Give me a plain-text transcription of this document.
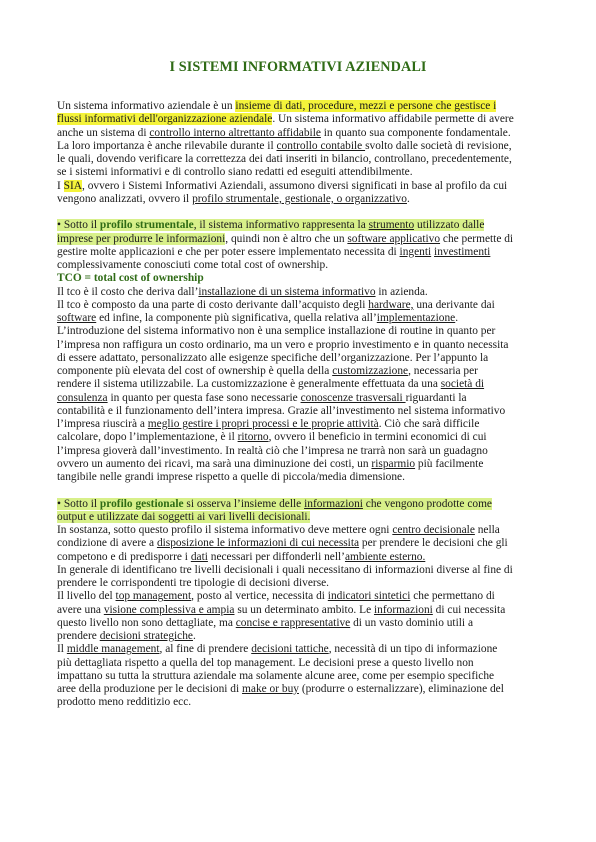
I SISTEMI INFORMATIVI AZIENDALI
Un sistema informativo aziendale è un insieme di dati, procedure, mezzi e persone che gestisce i
flussi informativi dell'organizzazione aziendale. Un sistema informativo affidabile permette di avere
anche un sistema di controllo interno altrettanto affidabile in quanto sua componente fondamentale.
La loro importanza è anche rilevabile durante il controllo contabile svolto dalle società di revisione,
le quali, dovendo verificare la correttezza dei dati inseriti in bilancio, controllano, precedentemente,
se i sistemi informativi e di controllo siano redatti ed eseguiti attendibilmente.
I SIA, ovvero i Sistemi Informativi Aziendali, assumono diversi significati in base al profilo da cui
vengono analizzati, ovvero il profilo strumentale, gestionale, o organizzativo.
• Sotto il profilo strumentale, il sistema informativo rappresenta la strumento utilizzato dalle
imprese per produrre le informazioni, quindi non è altro che un software applicativo che permette di
gestire molte applicazioni e che per poter essere implementato necessita di ingenti investimenti
complessivamente conosciuti come total cost of ownership.
TCO = total cost of ownership
Il tco è il costo che deriva dall’installazione di un sistema informativo in azienda.
Il tco è composto da una parte di costo derivante dall’acquisto degli hardware, una derivante dai
software ed infine, la componente più significativa, quella relativa all’implementazione.
L’introduzione del sistema informativo non è una semplice installazione di routine in quanto per
l’impresa non raffigura un costo ordinario, ma un vero e proprio investimento e in quanto necessita
di essere adattato, personalizzato alle esigenze specifiche dell’organizzazione. Per l’appunto la
componente più elevata del cost of ownership è quella della customizzazione, necessaria per
rendere il sistema utilizzabile. La customizzazione è generalmente effettuata da una società di
consulenza in quanto per questa fase sono necessarie conoscenze trasversali riguardanti la
contabilità e il funzionamento dell’intera impresa. Grazie all’investimento nel sistema informativo
l’impresa riuscirà a meglio gestire i propri processi e le proprie attività. Ciò che sarà difficile
calcolare, dopo l’implementazione, è il ritorno, ovvero il beneficio in termini economici di cui
l’impresa gioverà dall’investimento. In realtà ciò che l’impresa ne trarrà non sarà un guadagno
ovvero un aumento dei ricavi, ma sarà una diminuzione dei costi, un risparmio più facilmente
tangibile nelle grandi imprese rispetto a quelle di piccola/media dimensione.
• Sotto il profilo gestionale si osserva l’insieme delle informazioni che vengono prodotte come
output e utilizzate dai soggetti ai vari livelli decisionali.
In sostanza, sotto questo profilo il sistema informativo deve mettere ogni centro decisionale nella
condizione di avere a disposizione le informazioni di cui necessita per prendere le decisioni che gli
competono e di predisporre i dati necessari per diffonderli nell’ambiente esterno.
In generale di identificano tre livelli decisionali i quali necessitano di informazioni diverse al fine di
prendere le corrispondenti tre tipologie di decisioni diverse.
Il livello del top management, posto al vertice, necessita di indicatori sintetici che permettano di
avere una visione complessiva e ampia su un determinato ambito. Le informazioni di cui necessita
questo livello non sono dettagliate, ma concise e rappresentative di un vasto dominio utili a
prendere decisioni strategiche.
Il middle management, al fine di prendere decisioni tattiche, necessità di un tipo di informazione
più dettagliata rispetto a quella del top management. Le decisioni prese a questo livello non
impattano su tutta la struttura aziendale ma solamente alcune aree, come per esempio specifiche
aree della produzione per le decisioni di make or buy (produrre o esternalizzare), eliminazione del
prodotto meno redditizio ecc.
